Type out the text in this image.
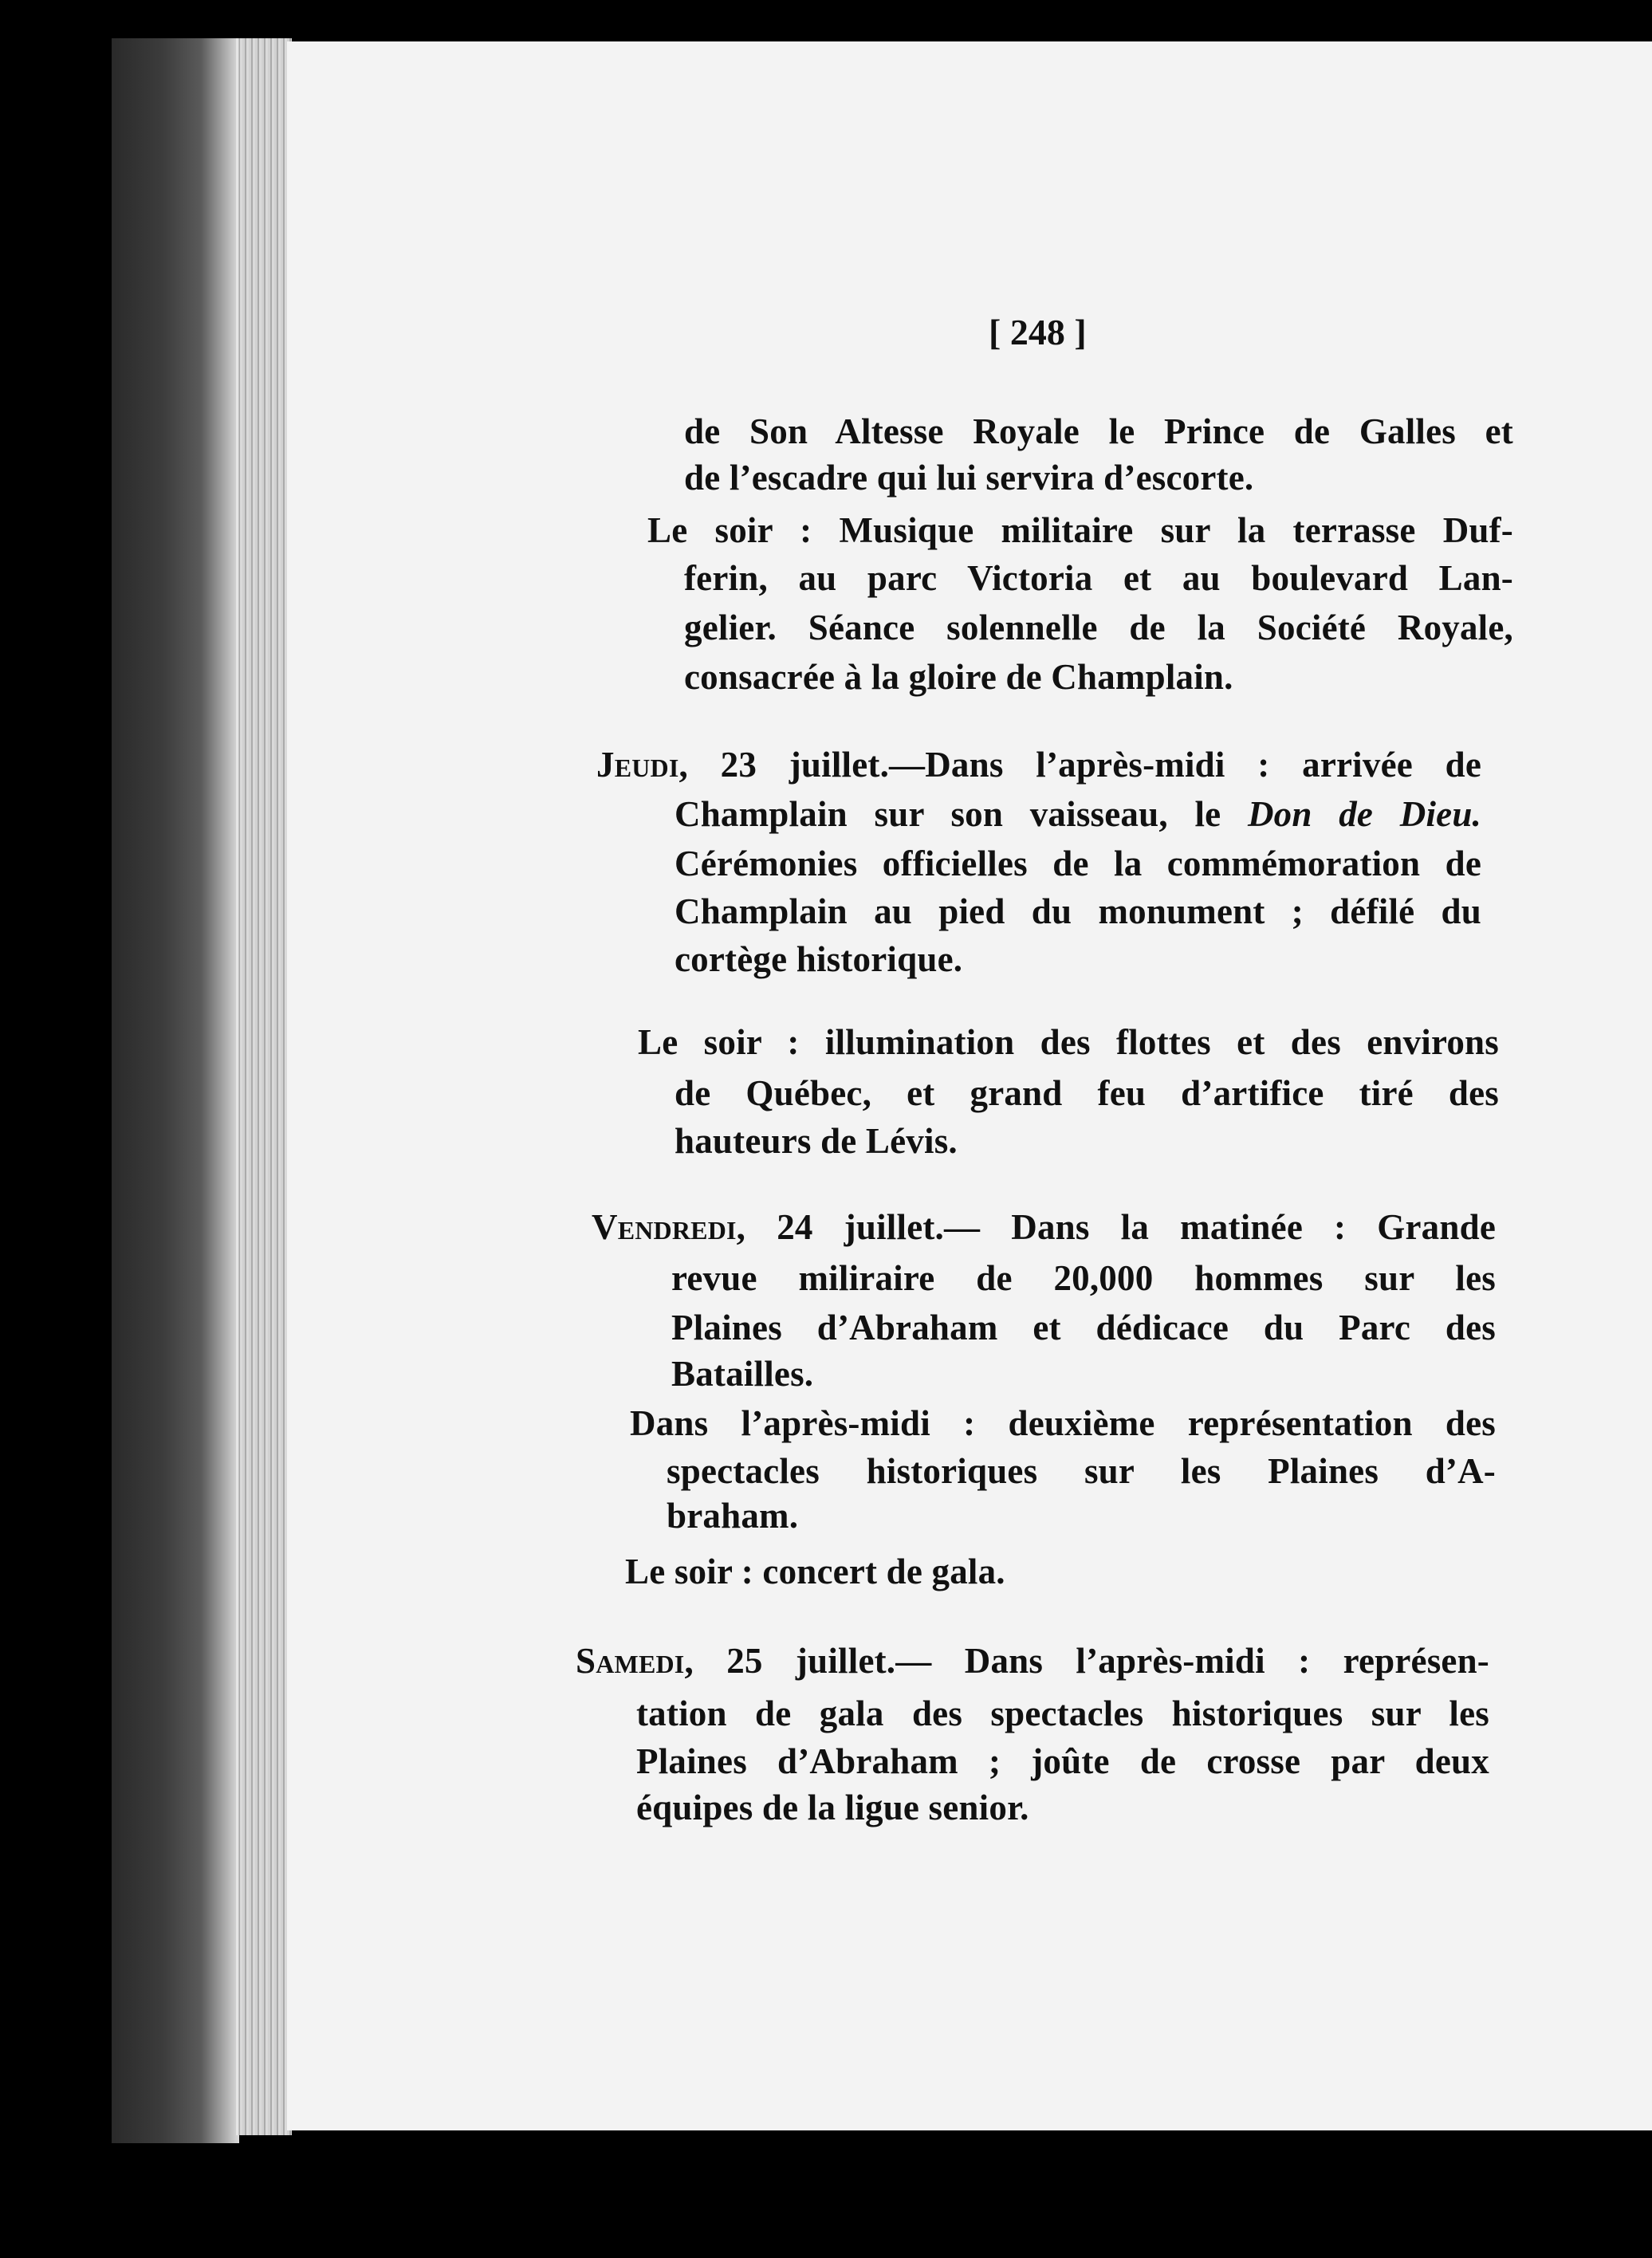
[ 248 ]
de Son Altesse Royale le Prince de Galles et
de l’escadre qui lui servira d’escorte.
Le soir : Musique militaire sur la terrasse Duf-
ferin, au parc Victoria et au boulevard Lan-
gelier. Séance solennelle de la Société Royale,
consacrée à la gloire de Champlain.
Jeudi, 23 juillet.—Dans l’après-midi : arrivée de
Champlain sur son vaisseau, le Don de Dieu.
Cérémonies officielles de la commémoration de
Champlain au pied du monument ; défilé du
cortège historique.
Le soir : illumination des flottes et des environs
de Québec, et grand feu d’artifice tiré des
hauteurs de Lévis.
Vendredi, 24 juillet.— Dans la matinée : Grande
revue miliraire de 20,000 hommes sur les
Plaines d’Abraham et dédicace du Parc des
Batailles.
Dans l’après-midi : deuxième représentation des
spectacles historiques sur les Plaines d’A-
braham.
Le soir : concert de gala.
Samedi, 25 juillet.— Dans l’après-midi : représen-
tation de gala des spectacles historiques sur les
Plaines d’Abraham ; joûte de crosse par deux
équipes de la ligue senior.
